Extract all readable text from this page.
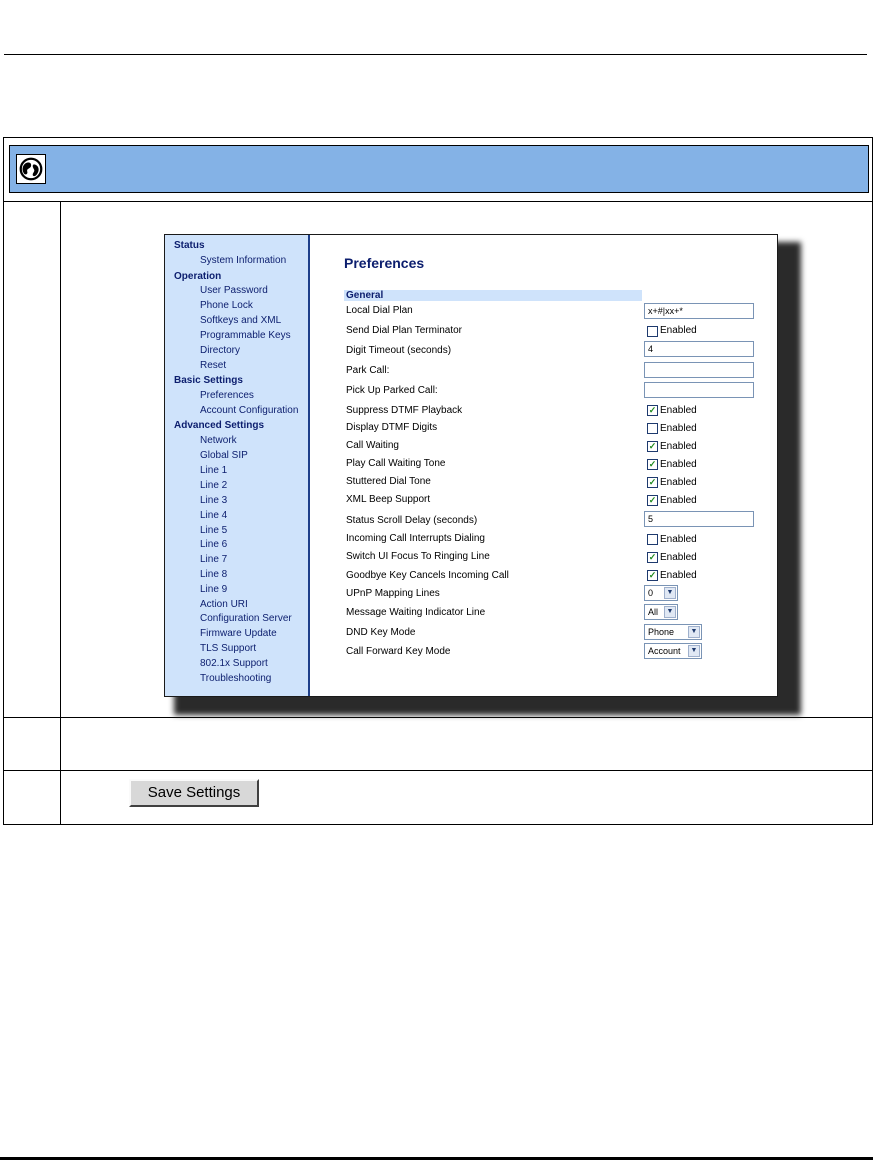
Status
System Information
Operation
User Password
Phone Lock
Softkeys and XML
Programmable Keys
Directory
Reset
Basic Settings
Preferences
Account Configuration
Advanced Settings
Network
Global SIP
Line 1
Line 2
Line 3
Line 4
Line 5
Line 6
Line 7
Line 8
Line 9
Action URI
Configuration Server
Firmware Update
TLS Support
802.1x Support
Troubleshooting
Preferences
General
Local Dial Plan	x+#|xx+*
Send Dial Plan Terminator	Enabled
Digit Timeout (seconds)	4
Park Call:
Pick Up Parked Call:
Suppress DTMF Playback	✓ Enabled
Display DTMF Digits	Enabled
Call Waiting	✓ Enabled
Play Call Waiting Tone	✓ Enabled
Stuttered Dial Tone	✓ Enabled
XML Beep Support	✓ Enabled
Status Scroll Delay (seconds)	5
Incoming Call Interrupts Dialing	Enabled
Switch UI Focus To Ringing Line	✓ Enabled
Goodbye Key Cancels Incoming Call	✓ Enabled
UPnP Mapping Lines	0	▼
Message Waiting Indicator Line	All	▼
DND Key Mode	Phone	▼
Call Forward Key Mode	Account	▼
Save Settings
